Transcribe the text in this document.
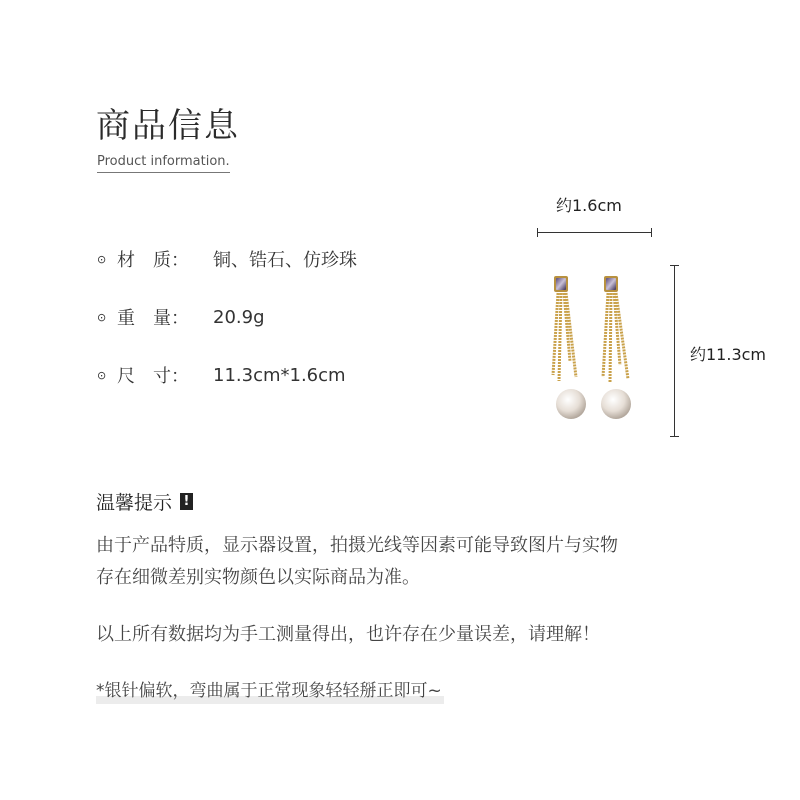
商品信息
Product information.
⊙ 材　质：	铜、锆石、仿珍珠
⊙ 重　量：	20.9g
⊙ 尺　寸：	11.3cm*1.6cm
约1.6cm
约11.3cm
温馨提示 !
由于产品特质，显示器设置，拍摄光线等因素可能导致图片与实物
存在细微差别实物颜色以实际商品为准。
以上所有数据均为手工测量得出，也许存在少量误差，请理解！
*银针偏软，弯曲属于正常现象轻轻掰正即可~
